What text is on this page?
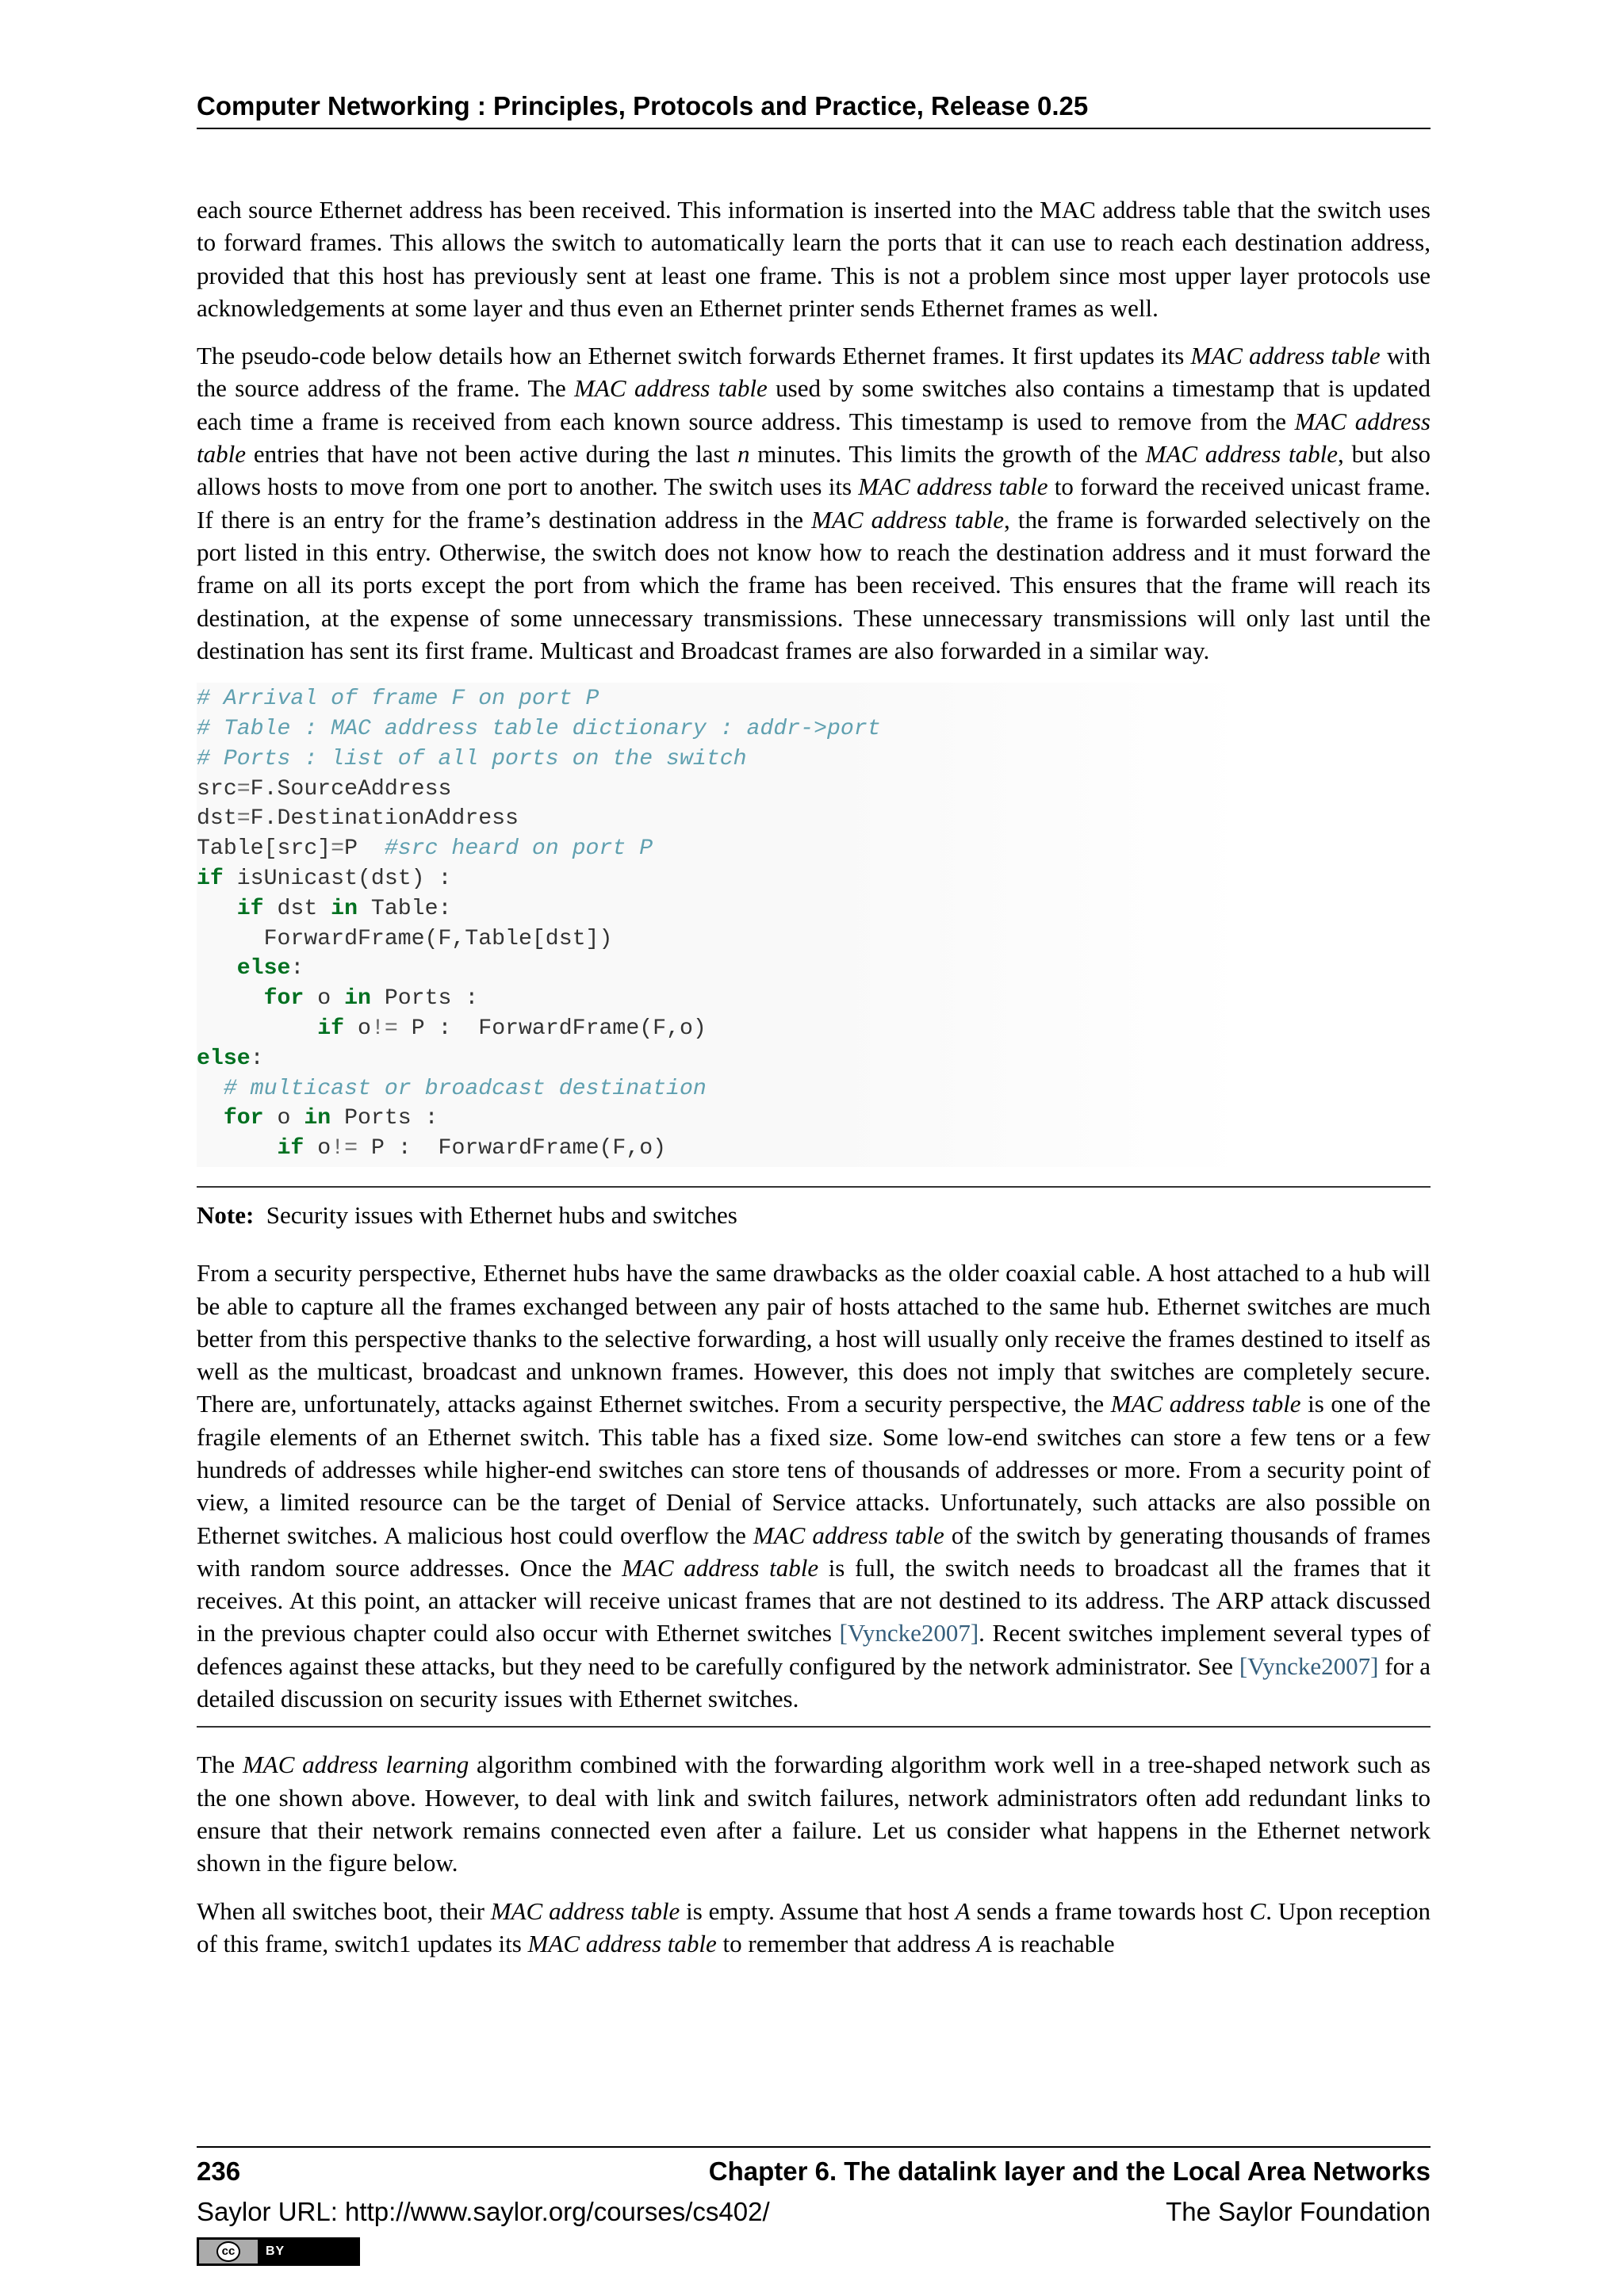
Computer Networking : Principles, Protocols and Practice, Release 0.25

each source Ethernet address has been received. This information is inserted into the MAC address table that the switch uses to forward frames. This allows the switch to automatically learn the ports that it can use to reach each destination address, provided that this host has previously sent at least one frame. This is not a problem since most upper layer protocols use acknowledgements at some layer and thus even an Ethernet printer sends Ethernet frames as well.

The pseudo-code below details how an Ethernet switch forwards Ethernet frames. It first updates its MAC address table with the source address of the frame. The MAC address table used by some switches also contains a timestamp that is updated each time a frame is received from each known source address. This timestamp is used to remove from the MAC address table entries that have not been active during the last n minutes. This limits the growth of the MAC address table, but also allows hosts to move from one port to another. The switch uses its MAC address table to forward the received unicast frame. If there is an entry for the frame’s destination address in the MAC address table, the frame is forwarded selectively on the port listed in this entry. Otherwise, the switch does not know how to reach the destination address and it must forward the frame on all its ports except the port from which the frame has been received. This ensures that the frame will reach its destination, at the expense of some unnecessary transmissions. These unnecessary transmissions will only last until the destination has sent its first frame. Multicast and Broadcast frames are also forwarded in a similar way.

# Arrival of frame F on port P
# Table : MAC address table dictionary : addr->port
# Ports : list of all ports on the switch
src=F.SourceAddress
dst=F.DestinationAddress
Table[src]=P  #src heard on port P
if isUnicast(dst) :
if dst in Table:
ForwardFrame(F,Table[dst])
else:
for o in Ports :
if o!= P :  ForwardFrame(F,o)
else:
# multicast or broadcast destination
for o in Ports :
if o!= P :  ForwardFrame(F,o)

Note: Security issues with Ethernet hubs and switches

From a security perspective, Ethernet hubs have the same drawbacks as the older coaxial cable. A host attached to a hub will be able to capture all the frames exchanged between any pair of hosts attached to the same hub. Ethernet switches are much better from this perspective thanks to the selective forwarding, a host will usually only receive the frames destined to itself as well as the multicast, broadcast and unknown frames. However, this does not imply that switches are completely secure. There are, unfortunately, attacks against Ethernet switches. From a security perspective, the MAC address table is one of the fragile elements of an Ethernet switch. This table has a fixed size. Some low-end switches can store a few tens or a few hundreds of addresses while higher-end switches can store tens of thousands of addresses or more. From a security point of view, a limited resource can be the target of Denial of Service attacks. Unfortunately, such attacks are also possible on Ethernet switches. A malicious host could overflow the MAC address table of the switch by generating thousands of frames with random source addresses. Once the MAC address table is full, the switch needs to broadcast all the frames that it receives. At this point, an attacker will receive unicast frames that are not destined to its address. The ARP attack discussed in the previous chapter could also occur with Ethernet switches [Vyncke2007]. Recent switches implement several types of defences against these attacks, but they need to be carefully configured by the network administrator. See [Vyncke2007] for a detailed discussion on security issues with Ethernet switches.

The MAC address learning algorithm combined with the forwarding algorithm work well in a tree-shaped network such as the one shown above. However, to deal with link and switch failures, network administrators often add redundant links to ensure that their network remains connected even after a failure. Let us consider what happens in the Ethernet network shown in the figure below.

When all switches boot, their MAC address table is empty. Assume that host A sends a frame towards host C. Upon reception of this frame, switch1 updates its MAC address table to remember that address A is reachable

236	Chapter 6. The datalink layer and the Local Area Networks
Saylor URL: http://www.saylor.org/courses/cs402/	The Saylor Foundation
cc	BY
